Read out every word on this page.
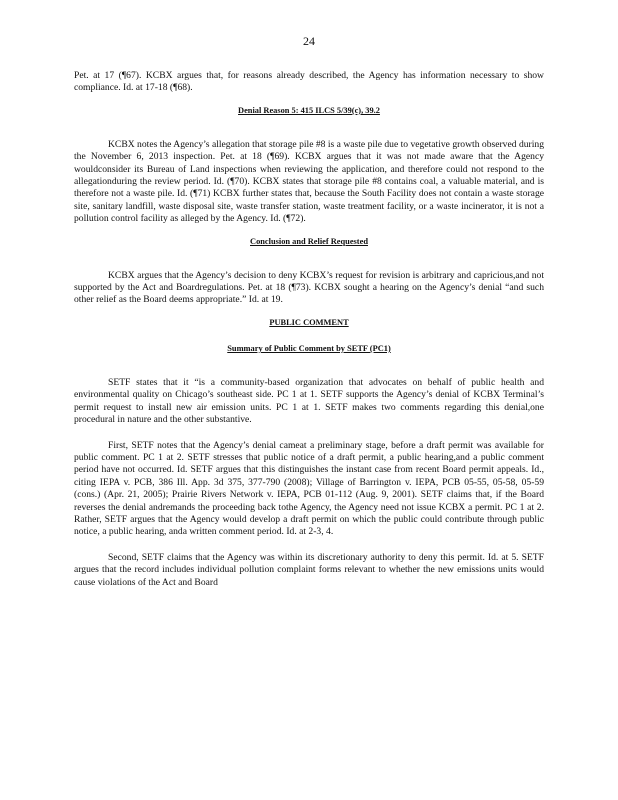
24

Pet. at 17 (¶67). KCBX argues that, for reasons already described, the Agency has information necessary to show compliance. Id. at 17-18 (¶68).

Denial Reason 5: 415 ILCS 5/39(c), 39.2

KCBX notes the Agency’s allegation that storage pile #8 is a waste pile due to vegetative growth observed during the November 6, 2013 inspection. Pet. at 18 (¶69). KCBX argues that it was not made aware that the Agency wouldconsider its Bureau of Land inspections when reviewing the application, and therefore could not respond to the allegationduring the review period. Id. (¶70). KCBX states that storage pile #8 contains coal, a valuable material, and is therefore not a waste pile. Id. (¶71) KCBX further states that, because the South Facility does not contain a waste storage site, sanitary landfill, waste disposal site, waste transfer station, waste treatment facility, or a waste incinerator, it is not a pollution control facility as alleged by the Agency. Id. (¶72).

Conclusion and Relief Requested

KCBX argues that the Agency’s decision to deny KCBX’s request for revision is arbitrary and capricious,and not supported by the Act and Boardregulations. Pet. at 18 (¶73). KCBX sought a hearing on the Agency’s denial “and such other relief as the Board deems appropriate.” Id. at 19.

PUBLIC COMMENT

Summary of Public Comment by SETF (PC1)

SETF states that it “is a community-based organization that advocates on behalf of public health and environmental quality on Chicago’s southeast side. PC 1 at 1. SETF supports the Agency’s denial of KCBX Terminal’s permit request to install new air emission units. PC 1 at 1. SETF makes two comments regarding this denial,one procedural in nature and the other substantive.

First, SETF notes that the Agency’s denial cameat a preliminary stage, before a draft permit was available for public comment. PC 1 at 2. SETF stresses that public notice of a draft permit, a public hearing,and a public comment period have not occurred. Id. SETF argues that this distinguishes the instant case from recent Board permit appeals. Id., citing IEPA v. PCB, 386 Ill. App. 3d 375, 377-790 (2008); Village of Barrington v. IEPA, PCB 05-55, 05-58, 05-59 (cons.) (Apr. 21, 2005); Prairie Rivers Network v. IEPA, PCB 01-112 (Aug. 9, 2001). SETF claims that, if the Board reverses the denial andremands the proceeding back tothe Agency, the Agency need not issue KCBX a permit. PC 1 at 2. Rather, SETF argues that the Agency would develop a draft permit on which the public could contribute through public notice, a public hearing, anda written comment period. Id. at 2-3, 4.

Second, SETF claims that the Agency was within its discretionary authority to deny this permit. Id. at 5. SETF argues that the record includes individual pollution complaint forms relevant to whether the new emissions units would cause violations of the Act and Board
